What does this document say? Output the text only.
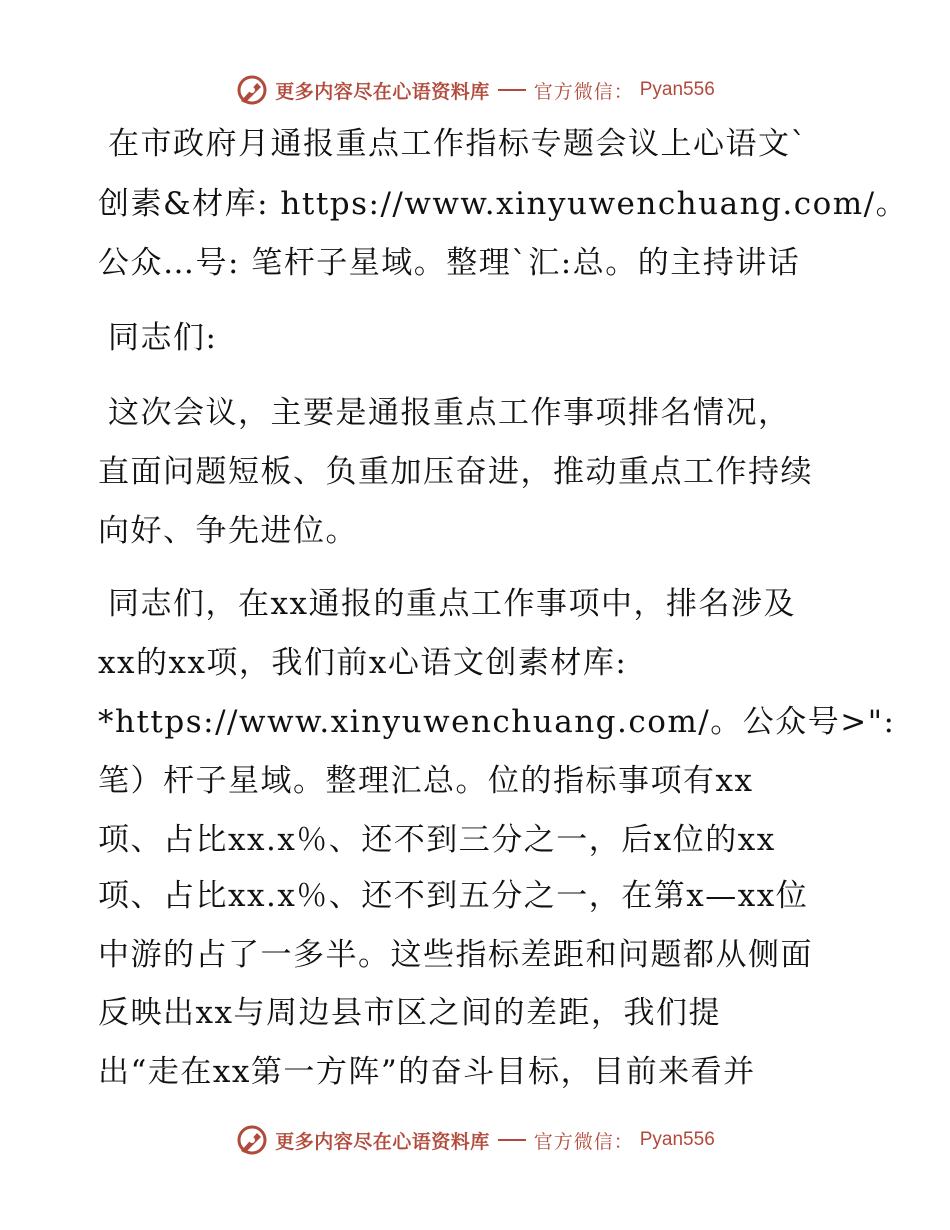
更多内容尽在心语资料库 官方微信： Pyan556
在市政府月通报重点工作指标专题会议上心语文`
创素&材库: https://www.xinyuwenchuang.com/。
公众…号: 笔杆子星域。整理`汇:总。的主持讲话
同志们:
这次会议，主要是通报重点工作事项排名情况，
直面问题短板、负重加压奋进，推动重点工作持续
向好、争先进位。
同志们，在xx通报的重点工作事项中，排名涉及
xx的xx项，我们前x心语文创素材库:
*https://www.xinyuwenchuang.com/。公众号>":
笔）杆子星域。整理汇总。位的指标事项有xx
项、占比xx.x％、还不到三分之一，后x位的xx
项、占比xx.x％、还不到五分之一，在第x—xx位
中游的占了一多半。这些指标差距和问题都从侧面
反映出xx与周边县市区之间的差距，我们提
出“走在xx第一方阵”的奋斗目标，目前来看并
更多内容尽在心语资料库 官方微信： Pyan556
